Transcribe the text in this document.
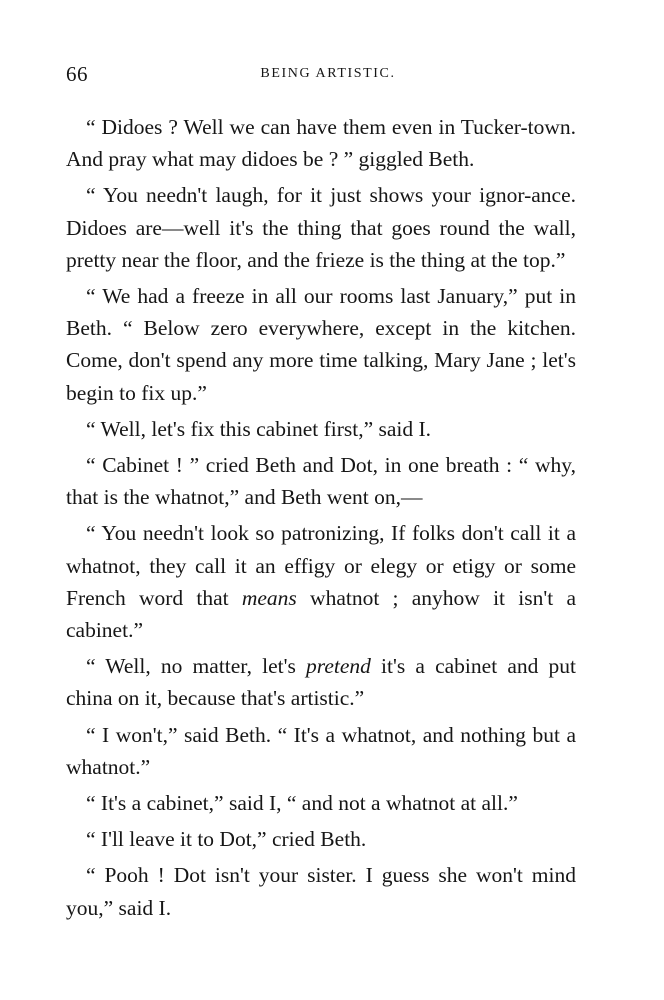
66	BEING ARTISTIC.

“ Didoes ? Well we can have them even in Tucker-town. And pray what may didoes be ? ” giggled Beth.

“ You needn't laugh, for it just shows your ignor-ance. Didoes are—well it's the thing that goes round the wall, pretty near the floor, and the frieze is the thing at the top.”

“ We had a freeze in all our rooms last January,” put in Beth. “ Below zero everywhere, except in the kitchen. Come, don't spend any more time talking, Mary Jane ; let's begin to fix up.”

“ Well, let's fix this cabinet first,” said I.

“ Cabinet ! ” cried Beth and Dot, in one breath : “ why, that is the whatnot,” and Beth went on,—

“ You needn't look so patronizing, If folks don't call it a whatnot, they call it an effigy or elegy or etigy or some French word that means whatnot ; anyhow it isn't a cabinet.”

“ Well, no matter, let's pretend it's a cabinet and put china on it, because that's artistic.”

“ I won't,” said Beth. “ It's a whatnot, and nothing but a whatnot.”

“ It's a cabinet,” said I, “ and not a whatnot at all.”

“ I'll leave it to Dot,” cried Beth.

“ Pooh ! Dot isn't your sister. I guess she won't mind you,” said I.
